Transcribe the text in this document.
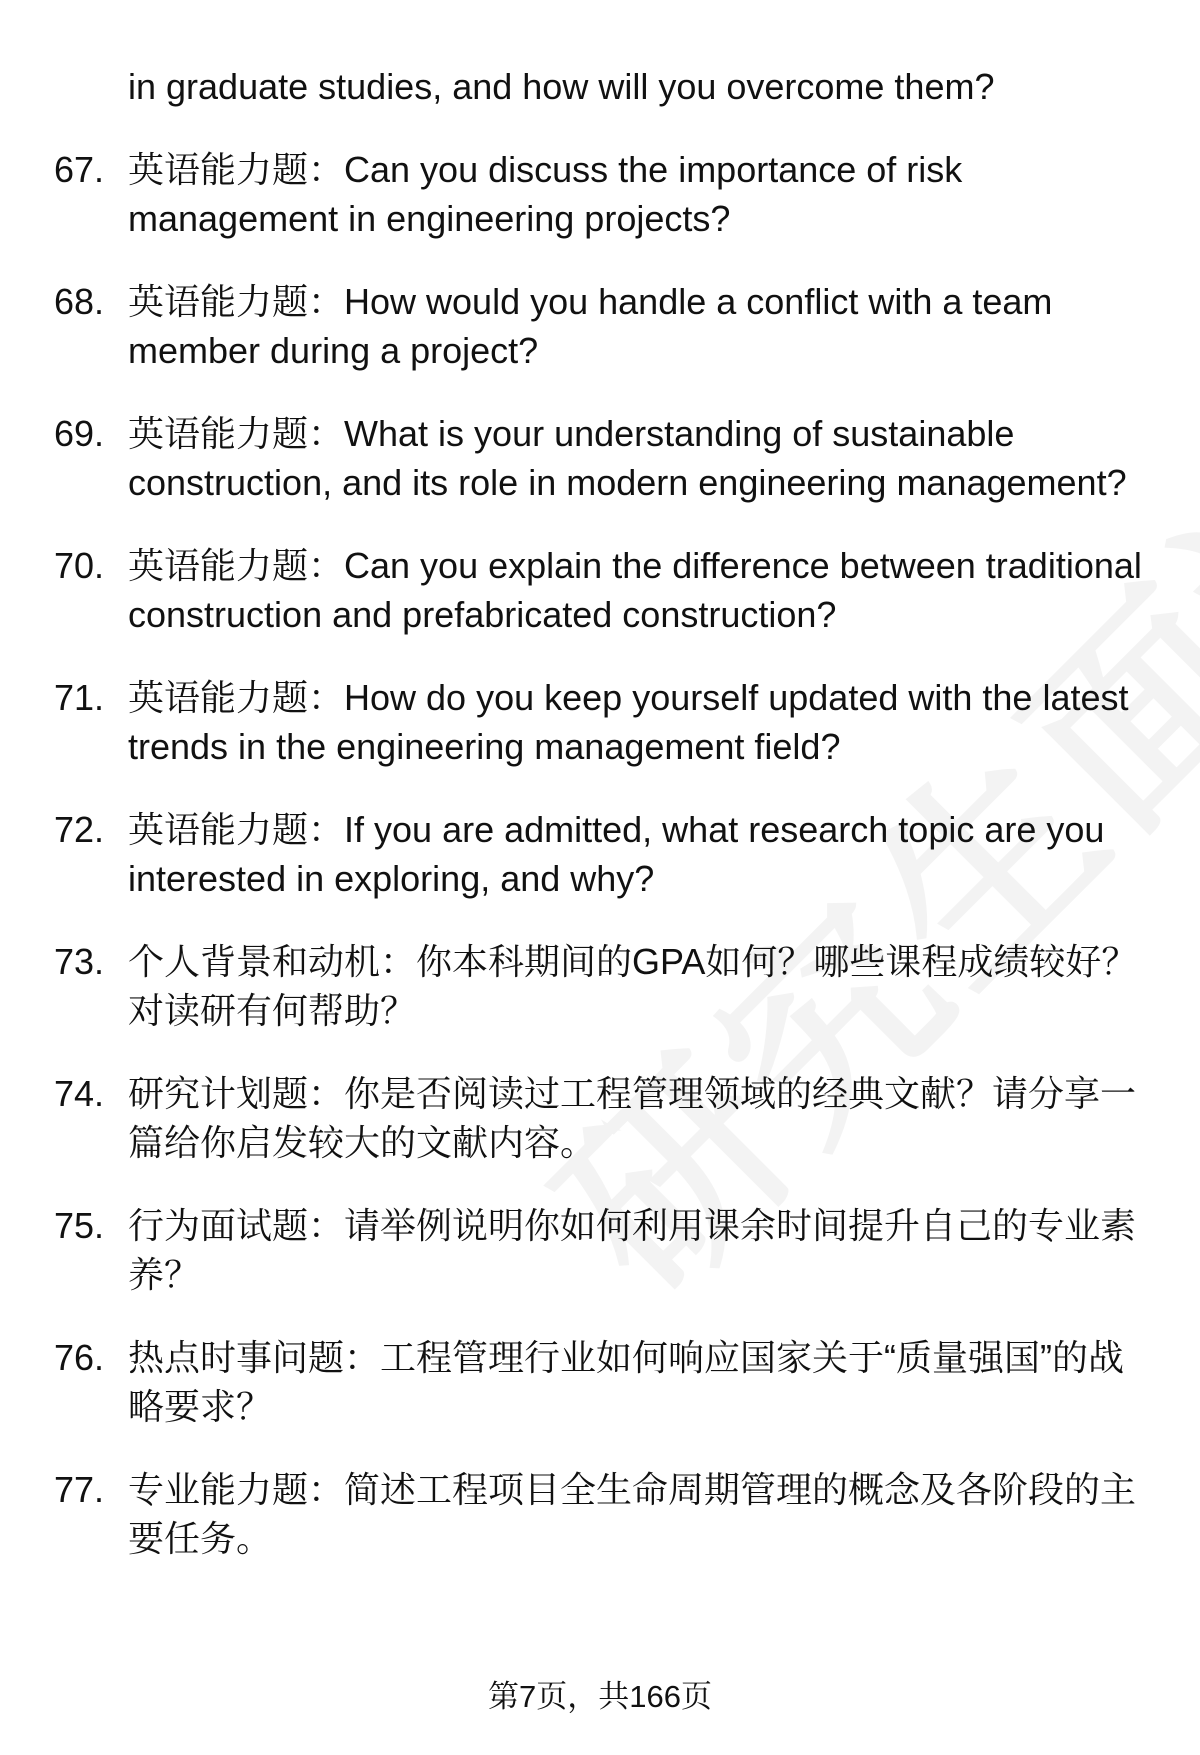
in graduate studies, and how will you overcome them?
67. 英语能力题：Can you discuss the importance of risk management in engineering projects?
68. 英语能力题：How would you handle a conflict with a team member during a project?
69. 英语能力题：What is your understanding of sustainable construction, and its role in modern engineering management?
70. 英语能力题：Can you explain the difference between traditional construction and prefabricated construction?
71. 英语能力题：How do you keep yourself updated with the latest trends in the engineering management field?
72. 英语能力题：If you are admitted, what research topic are you interested in exploring, and why?
73. 个人背景和动机：你本科期间的GPA如何？哪些课程成绩较好？对读研有何帮助？
74. 研究计划题：你是否阅读过工程管理领域的经典文献？请分享一篇给你启发较大的文献内容。
75. 行为面试题：请举例说明你如何利用课余时间提升自己的专业素养？
76. 热点时事问题：工程管理行业如何响应国家关于“质量强国”的战略要求？
77. 专业能力题：简述工程项目全生命周期管理的概念及各阶段的主要任务。
第7页，共166页
